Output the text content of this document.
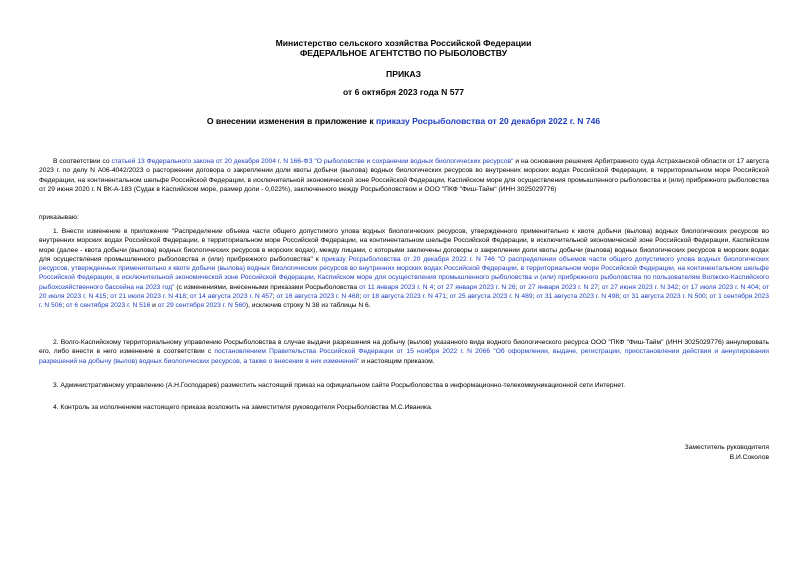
Министерство сельского хозяйства Российской Федерации
ФЕДЕРАЛЬНОЕ АГЕНТСТВО ПО РЫБОЛОВСТВУ
ПРИКАЗ
от 6 октября 2023 года N 577
О внесении изменения в приложение к приказу Росрыболовства от 20 декабря 2022 г. N 746
В соответствии со статьей 13 Федерального закона от 20 декабря 2004 г. N 166-ФЗ "О рыболовстве и сохранении водных биологических ресурсов" и на основании решения Арбитражного суда Астраханской области от 17 августа 2023 г. по делу N А06-4042/2023 о расторжении договора о закреплении доли квоты добычи (вылова) водных биологических ресурсов во внутренних морских водах Российской Федерации, в территориальном море Российской Федерации, на континентальном шельфе Российской Федерации, в исключительной экономической зоне Российской Федерации, Каспийском море для осуществления промышленного рыболовства и (или) прибрежного рыболовства от 29 июня 2020 г. N ВК-А-183 (Судак в Каспийском море, размер доли - 0,022%), заключенного между Росрыболовством и ООО "ПКФ "Фиш-Тайм" (ИНН 3025029776)
приказываю:
1. Внести изменение в приложение "Распределение объема части общего допустимого улова водных биологических ресурсов, утвержденного применительно к квоте добычи (вылова) водных биологических ресурсов во внутренних морских водах Российской Федерации, в территориальном море Российской Федерации, на континентальном шельфе Российской Федерации, в исключительной экономической зоне Российской Федерации, Каспийском море (далее - квота добычи (вылова) водных биологических ресурсов в морских водах), между лицами, с которыми заключены договоры о закреплении доли квоты добычи (вылова) водных биологических ресурсов в морских водах для осуществления промышленного рыболовства и (или) прибрежного рыболовства" к приказу Росрыболовства от 20 декабря 2022 г. N 746 "О распределении объемов части общего допустимого улова водных биологических ресурсов, утвержденных применительно к квоте добычи (вылова) водных биологических ресурсов во внутренних морских водах Российской Федерации, в территориальном море Российской Федерации, на континентальном шельфе Российской Федерации, в исключительной экономической зоне Российской Федерации, Каспийском море для осуществления промышленного рыболовства и (или) прибрежного рыболовства по пользователям Волжско-Каспийского рыбохозяйственного бассейна на 2023 год" (с изменениями, внесенными приказами Росрыболовства от 11 января 2023 г. N 4; от 27 января 2023 г. N 26; от 27 января 2023 г. N 27; от 27 июня 2023 г. N 342; от 17 июля 2023 г. N 404; от 20 июля 2023 г. N 415; от 21 июля 2023 г. N 418; от 14 августа 2023 г. N 457; от 16 августа 2023 г. N 468; от 18 августа 2023 г. N 471; от 25 августа 2023 г. N 489; от 31 августа 2023 г. N 498; от 31 августа 2023 г. N 500; от 1 сентября 2023 г. N 506; от 6 сентября 2023 г. N 516 и от 29 сентября 2023 г. N 560), исключив строку N 38 из таблицы N 6.
2. Волго-Каспийскому территориальному управлению Росрыболовства в случае выдачи разрешения на добычу (вылов) указанного вида водного биологического ресурса ООО "ПКФ "Фиш-Тайм" (ИНН 3025029776) аннулировать его, либо внести в него изменение в соответствии с постановлением Правительства Российской Федерации от 15 ноября 2022 г. N 2066 "Об оформлении, выдаче, регистрации, приостановлении действия и аннулировании разрешений на добычу (вылов) водных биологических ресурсов, а также о внесении в них изменений" и настоящим приказом.
3. Административному управлению (А.Н.Господарев) разместить настоящий приказ на официальном сайте Росрыболовства в информационно-телекоммуникационной сети Интернет.
4. Контроль за исполнением настоящего приказа возложить на заместителя руководителя Росрыболовства М.С.Иваника.
Заместитель руководителя
В.И.Соколов
